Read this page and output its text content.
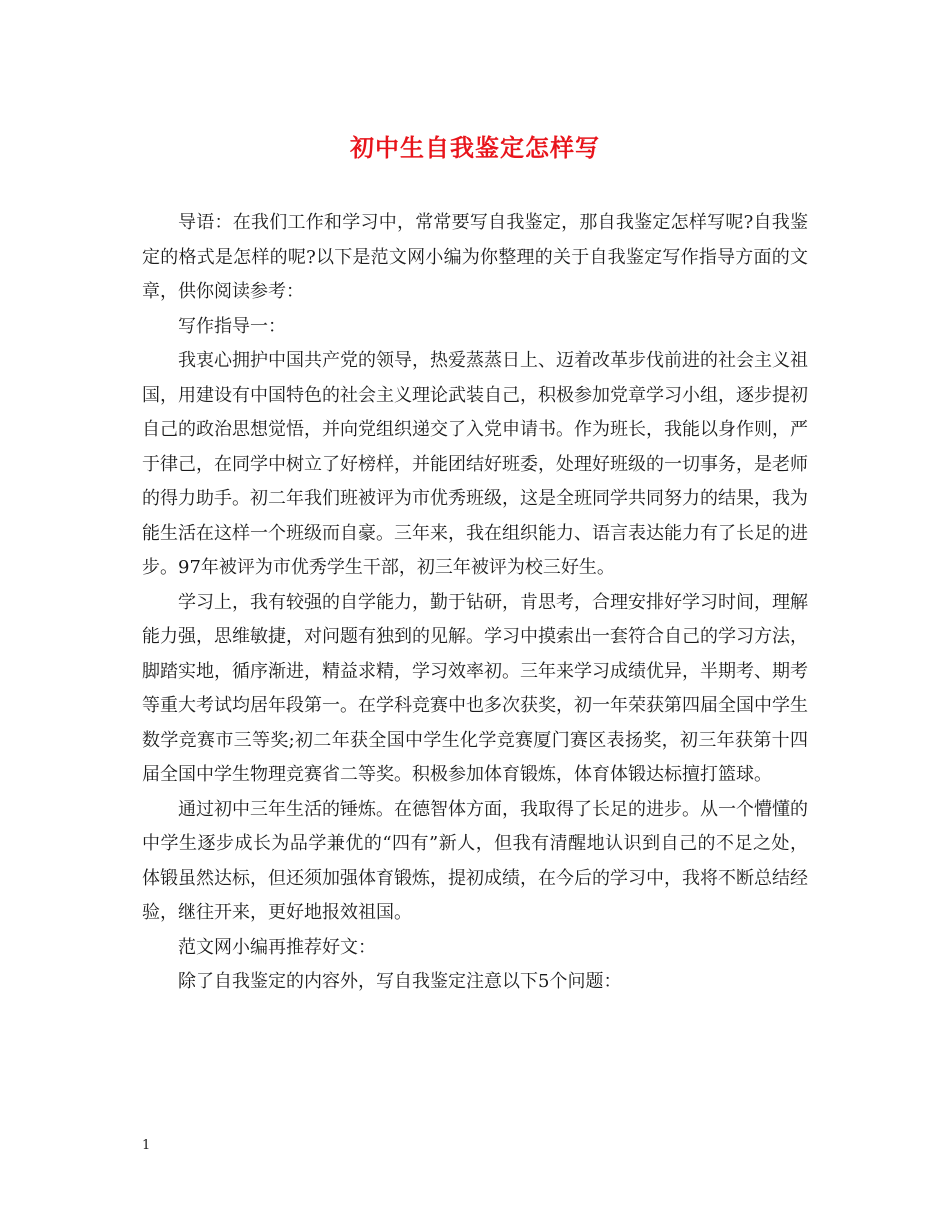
初中生自我鉴定怎样写

导语：在我们工作和学习中，常常要写自我鉴定，那自我鉴定怎样写呢?自我鉴定的格式是怎样的呢?以下是范文网小编为你整理的关于自我鉴定写作指导方面的文章，供你阅读参考：

写作指导一：

我衷心拥护中国共产党的领导，热爱蒸蒸日上、迈着改革步伐前进的社会主义祖国，用建设有中国特色的社会主义理论武装自己，积极参加党章学习小组，逐步提初自己的政治思想觉悟，并向党组织递交了入党申请书。作为班长，我能以身作则，严于律己，在同学中树立了好榜样，并能团结好班委，处理好班级的一切事务，是老师的得力助手。初二年我们班被评为市优秀班级，这是全班同学共同努力的结果，我为能生活在这样一个班级而自豪。三年来，我在组织能力、语言表达能力有了长足的进步。97年被评为市优秀学生干部，初三年被评为校三好生。

学习上，我有较强的自学能力，勤于钻研，肯思考，合理安排好学习时间，理解能力强，思维敏捷，对问题有独到的见解。学习中摸索出一套符合自己的学习方法，脚踏实地，循序渐进，精益求精，学习效率初。三年来学习成绩优异，半期考、期考等重大考试均居年段第一。在学科竞赛中也多次获奖，初一年荣获第四届全国中学生数学竞赛市三等奖;初二年获全国中学生化学竞赛厦门赛区表扬奖，初三年获第十四届全国中学生物理竞赛省二等奖。积极参加体育锻炼，体育体锻达标擅打篮球。

通过初中三年生活的锤炼。在德智体方面，我取得了长足的进步。从一个懵懂的中学生逐步成长为品学兼优的“四有”新人，但我有清醒地认识到自己的不足之处，体锻虽然达标，但还须加强体育锻炼，提初成绩，在今后的学习中，我将不断总结经验，继往开来，更好地报效祖国。

范文网小编再推荐好文：

除了自我鉴定的内容外，写自我鉴定注意以下5个问题：

1
